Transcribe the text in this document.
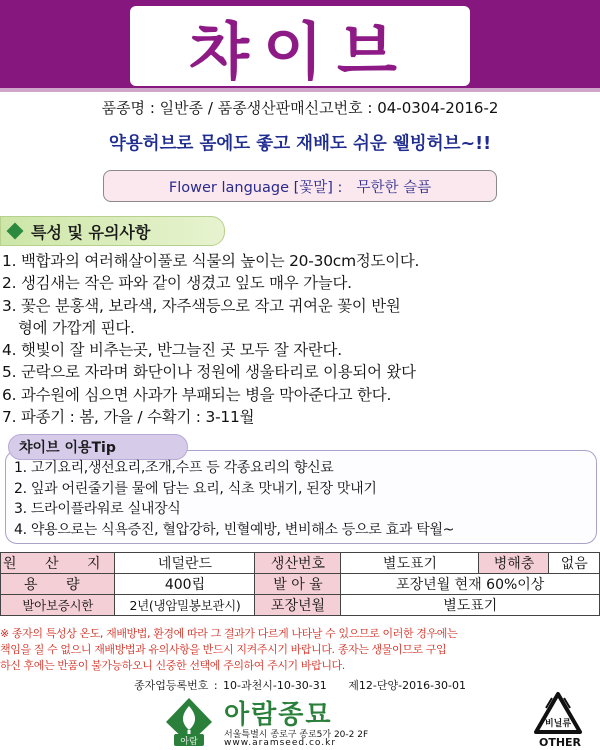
챠이브
품종명 : 일반종 / 품종생산판매신고번호 : 04-0304-2016-2
약용허브로 몸에도 좋고 재배도 쉬운 웰빙허브~!!
Flower language [꽃말] : 무한한 슬픔
특성 및 유의사항
1. 백합과의 여러해살이풀로 식물의 높이는 20-30cm정도이다.
2. 생김새는 작은 파와 같이 생겼고 잎도 매우 가늘다.
3. 꽃은 분홍색, 보라색, 자주색등으로 작고 귀여운 꽃이 반원
형에 가깝게 핀다.
4. 햇빛이 잘 비추는곳, 반그늘진 곳 모두 잘 자란다.
5. 군락으로 자라며 화단이나 정원에 생울타리로 이용되어 왔다
6. 과수원에 심으면 사과가 부패되는 병을 막아준다고 한다.
7. 파종기 : 봄, 가을 / 수확기 : 3-11월
챠이브 이용Tip
1. 고기요리,생선요리,조개,수프 등 각종요리의 향신료
2. 잎과 어린줄기를 물에 담는 요리, 식초 맛내기, 된장 맛내기
3. 드라이플라워로 실내장식
4. 약용으로는 식욕증진, 혈압강하, 빈혈예방, 변비해소 등으로 효과 탁월~
원 산 지	네덜란드	생산번호	별도표기	병해충	없음
용 량	400립	발 아 율	포장년월 현재 60%이상		
발아보증시한	2년(냉암밀봉보관시)	포장년월	별도표기		
※ 종자의 특성상 온도, 재배방법, 환경에 따라 그 결과가 다르게 나타날 수 있으므로 이러한 경우에는
책임을 질 수 없으니 재배방법과 유의사항을 반드시 지켜주시기 바랍니다. 종자는 생물이므로 구입
하신 후에는 반품이 불가능하오니 신중한 선택에 주의하여 주시기 바랍니다.
종자업등록번호 : 10-과천시-10-30-31 제12-단양-2016-30-01
아람
아람종묘
서울특별시 종로구 종로5가 20-2 2F
www.aramseed.co.kr
비닐류
OTHER
